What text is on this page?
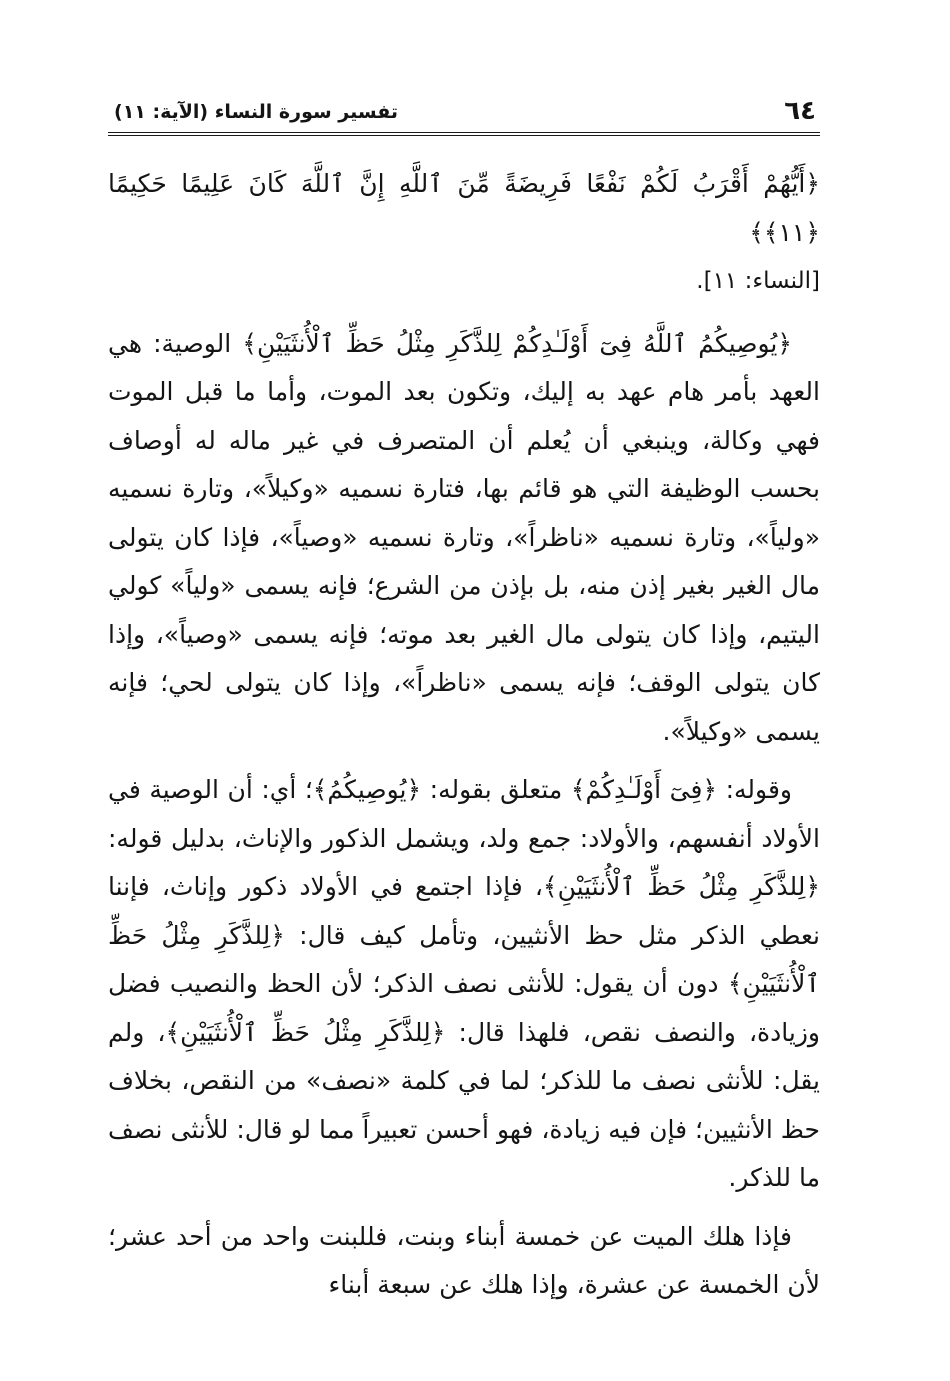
٦٤
تفسير سورة النساء (الآية: ١١)

﴿أَيُّهُمْ أَقْرَبُ لَكُمْ نَفْعًا فَرِيضَةً مِّنَ ٱللَّهِ إِنَّ ٱللَّهَ كَانَ عَلِيمًا حَكِيمًا ﴿١١﴾﴾

[النساء: ١١].

﴿يُوصِيكُمُ ٱللَّهُ فِىٓ أَوْلَـٰدِكُمْ لِلذَّكَرِ مِثْلُ حَظِّ ٱلْأُنثَيَيْنِ﴾ الوصية: هي العهد بأمر هام عهد به إليك، وتكون بعد الموت، وأما ما قبل الموت فهي وكالة، وينبغي أن يُعلم أن المتصرف في غير ماله له أوصاف بحسب الوظيفة التي هو قائم بها، فتارة نسميه «وكيلاً»، وتارة نسميه «ولياً»، وتارة نسميه «ناظراً»، وتارة نسميه «وصياً»، فإذا كان يتولى مال الغير بغير إذن منه، بل بإذن من الشرع؛ فإنه يسمى «ولياً» كولي اليتيم، وإذا كان يتولى مال الغير بعد موته؛ فإنه يسمى «وصياً»، وإذا كان يتولى الوقف؛ فإنه يسمى «ناظراً»، وإذا كان يتولى لحي؛ فإنه يسمى «وكيلاً».

وقوله: ﴿فِىٓ أَوْلَـٰدِكُمْ﴾ متعلق بقوله: ﴿يُوصِيكُمُ﴾؛ أي: أن الوصية في الأولاد أنفسهم، والأولاد: جمع ولد، ويشمل الذكور والإناث، بدليل قوله: ﴿لِلذَّكَرِ مِثْلُ حَظِّ ٱلْأُنثَيَيْنِ﴾، فإذا اجتمع في الأولاد ذكور وإناث، فإننا نعطي الذكر مثل حظ الأنثيين، وتأمل كيف قال: ﴿لِلذَّكَرِ مِثْلُ حَظِّ ٱلْأُنثَيَيْنِ﴾ دون أن يقول: للأنثى نصف الذكر؛ لأن الحظ والنصيب فضل وزيادة، والنصف نقص، فلهذا قال: ﴿لِلذَّكَرِ مِثْلُ حَظِّ ٱلْأُنثَيَيْنِ﴾، ولم يقل: للأنثى نصف ما للذكر؛ لما في كلمة «نصف» من النقص، بخلاف حظ الأنثيين؛ فإن فيه زيادة، فهو أحسن تعبيراً مما لو قال: للأنثى نصف ما للذكر.

فإذا هلك الميت عن خمسة أبناء وبنت، فللبنت واحد من أحد عشر؛ لأن الخمسة عن عشرة، وإذا هلك عن سبعة أبناء
